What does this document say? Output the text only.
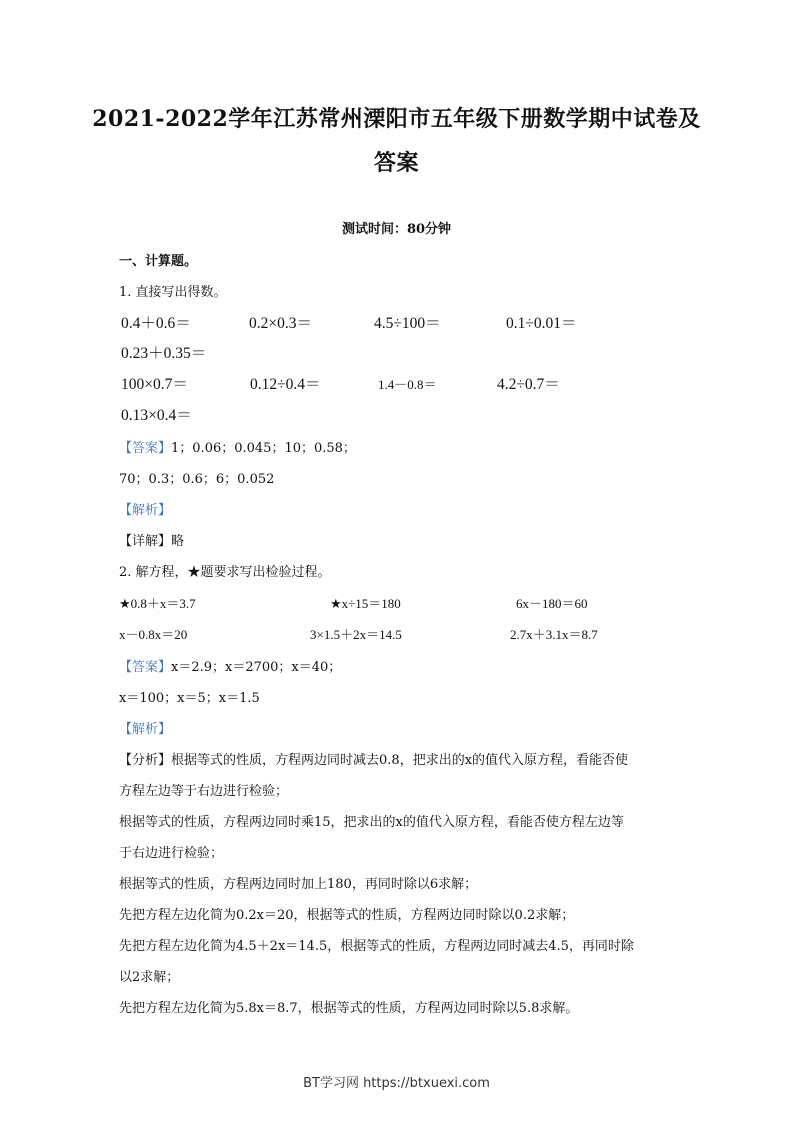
2021-2022学年江苏常州溧阳市五年级下册数学期中试卷及
答案
测试时间：80分钟
一、计算题。
1. 直接写出得数。
0.4＋0.6＝	0.2×0.3＝	4.5÷100＝	0.1÷0.01＝
0.23＋0.35＝
100×0.7＝	0.12÷0.4＝	1.4－0.8＝	4.2÷0.7＝
0.13×0.4＝
【答案】1；0.06；0.045；10；0.58；
70；0.3；0.6；6；0.052
【解析】
【详解】略
2. 解方程，★题要求写出检验过程。
★0.8＋x＝3.7	★x÷15＝180	6x－180＝60
x－0.8x＝20	3×1.5＋2x＝14.5	2.7x＋3.1x＝8.7
【答案】x＝2.9；x＝2700；x＝40；
x＝100；x＝5；x＝1.5
【解析】
【分析】根据等式的性质，方程两边同时减去0.8，把求出的x的值代入原方程，看能否使
方程左边等于右边进行检验；
根据等式的性质，方程两边同时乘15，把求出的x的值代入原方程，看能否使方程左边等
于右边进行检验；
根据等式的性质，方程两边同时加上180，再同时除以6求解；
先把方程左边化简为0.2x＝20，根据等式的性质，方程两边同时除以0.2求解；
先把方程左边化简为4.5＋2x＝14.5，根据等式的性质，方程两边同时减去4.5，再同时除
以2求解；
先把方程左边化简为5.8x＝8.7，根据等式的性质，方程两边同时除以5.8求解。
BT学习网 https://btxuexi.com
